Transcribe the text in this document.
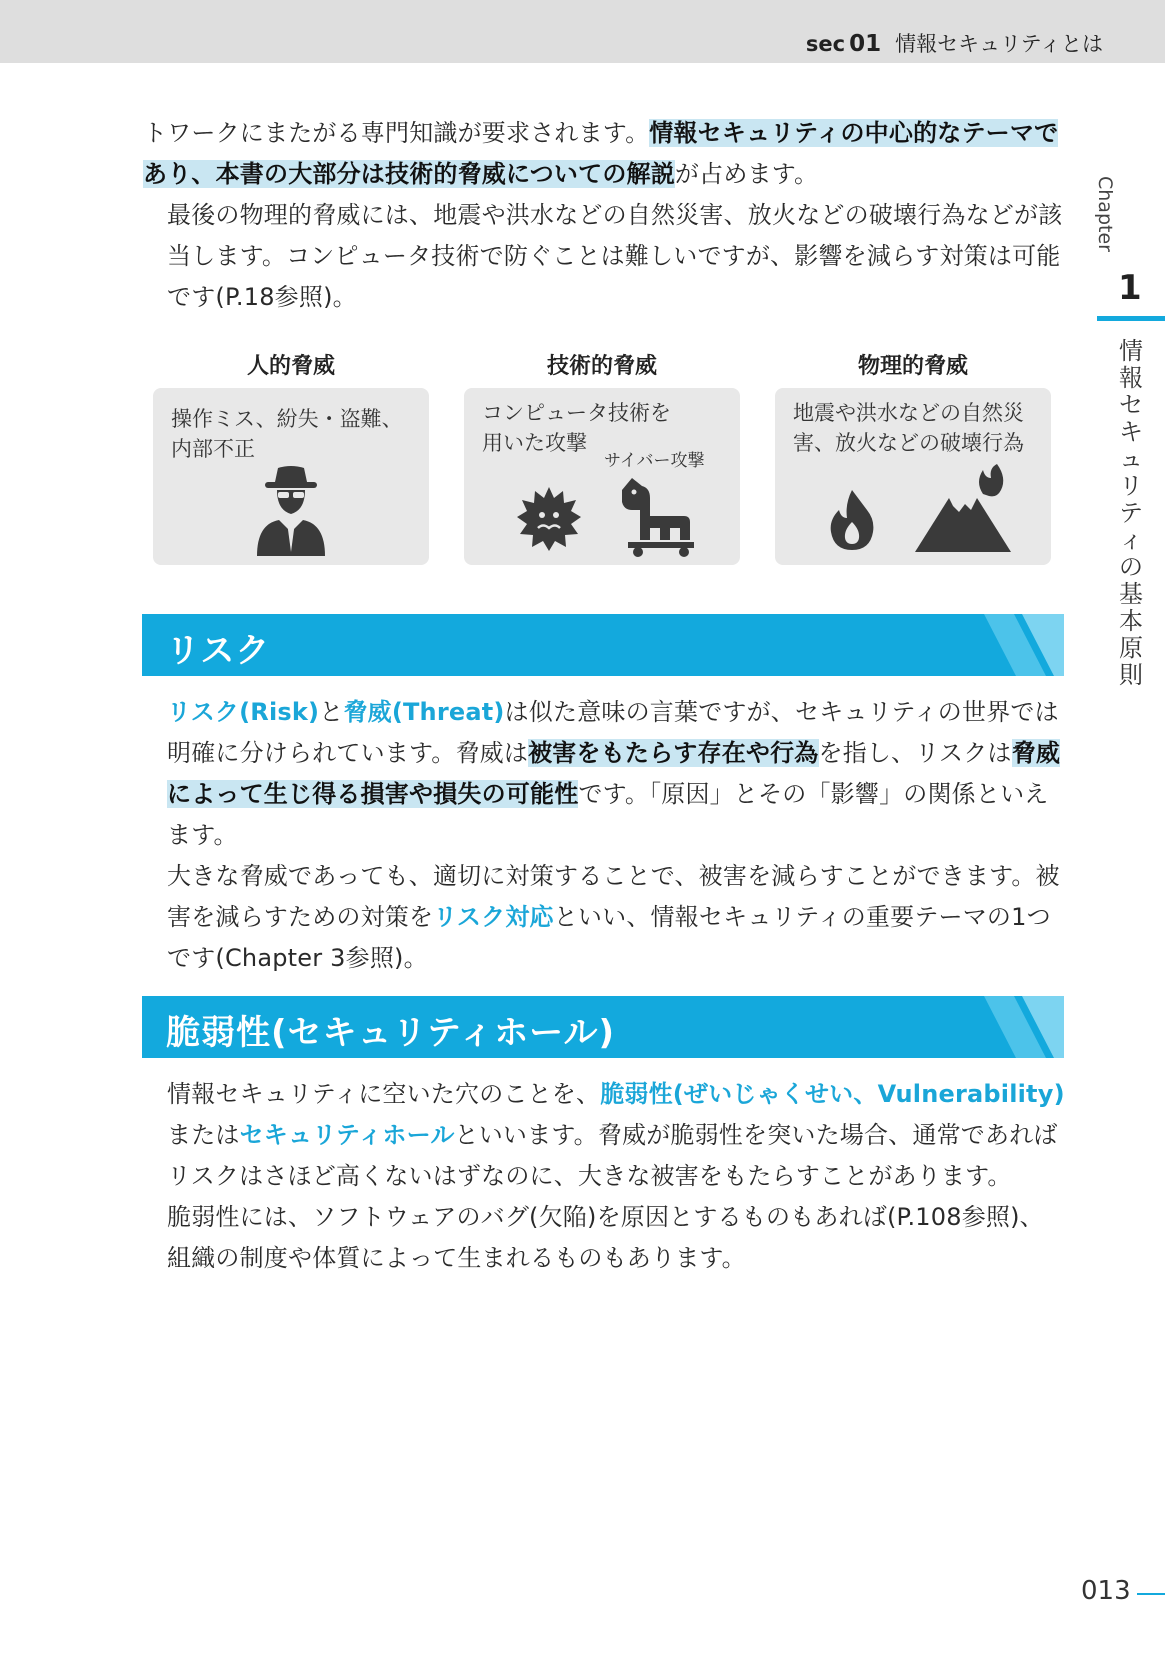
sec 01 情報セキュリティとは
Chapter
1
情報セキュリティの基本原則

トワークにまたがる専門知識が要求されます。情報セキュリティの中心的なテーマであり、本書の大部分は技術的脅威についての解説が占めます。

最後の物理的脅威には、地震や洪水などの自然災害、放火などの破壊行為などが該当します。コンピュータ技術で防ぐことは難しいですが、影響を減らす対策は可能です(P.18参照)。

人的脅威
操作ミス、紛失・盗難、
内部不正
技術的脅威
コンピュータ技術を
用いた攻撃
サイバー攻撃
物理的脅威
地震や洪水などの自然災
害、放火などの破壊行為
リスク

リスク(Risk)と脅威(Threat)は似た意味の言葉ですが、セキュリティの世界では明確に分けられています。脅威は被害をもたらす存在や行為を指し、リスクは脅威によって生じ得る損害や損失の可能性です。「原因」とその「影響」の関係といえます。

大きな脅威であっても、適切に対策することで、被害を減らすことができます。被害を減らすための対策をリスク対応といい、情報セキュリティの重要テーマの1つです(Chapter 3参照)。

脆弱性(セキュリティホール)

情報セキュリティに空いた穴のことを、脆弱性(ぜいじゃくせい、Vulnerability)またはセキュリティホールといいます。脅威が脆弱性を突いた場合、通常であればリスクはさほど高くないはずなのに、大きな被害をもたらすことがあります。

脆弱性には、ソフトウェアのバグ(欠陥)を原因とするものもあれば(P.108参照)、組織の制度や体質によって生まれるものもあります。

013
